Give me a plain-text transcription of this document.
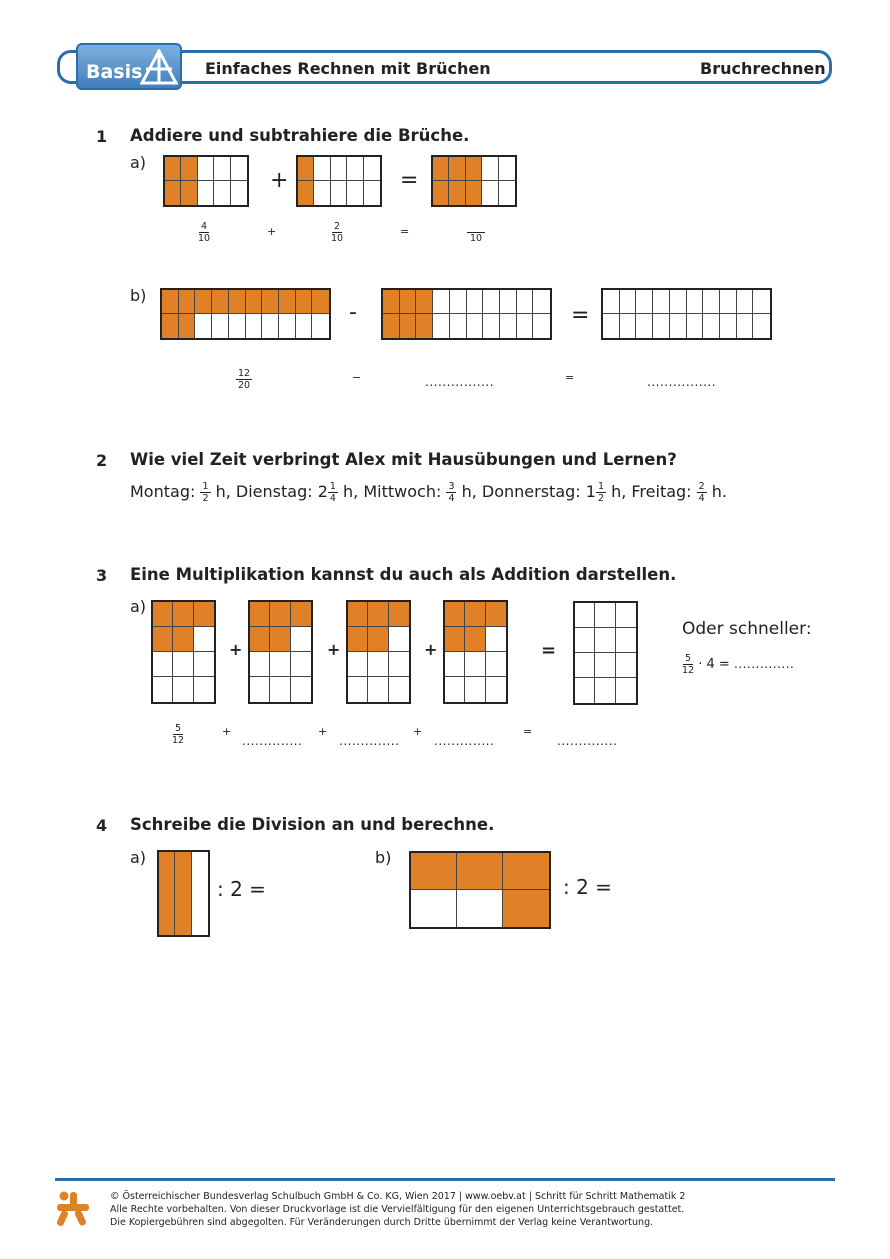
Basis	Einfaches Rechnen mit Brüchen	Bruchrechnen
1 Addiere und subtrahiere die Brüche.
a)
+	=
$\frac{4}{10}$	+	$\frac{2}{10}$	=
10
b)
-	=
$\frac{12}{20}$	−	................	=	................
2 Wie viel Zeit verbringt Alex mit Hausübungen und Lernen?
Montag: $\frac{1}{2} h$, Dienstag: $2 \frac{1}{4} h$, Mittwoch: $\frac{3}{4} h$, Donnerstag: $1 \frac{1}{2} h$, Freitag: $\frac{2}{4} h$.
3 Eine Multiplikation kannst du auch als Addition darstellen.
a)
+	+	+	=
Oder schneller:
$\frac{5}{12} \cdot 4$ = ..............
$\frac{5}{12}$	+
..............
+
..............
+
..............
=
..............
4 Schreibe die Division an und berechne.
a)
: 2 =
b)
: 2 =
© Österreichischer Bundesverlag Schulbuch GmbH & Co. KG, Wien 2017 | www.oebv.at | Schritt für Schritt Mathematik 2
Alle Rechte vorbehalten. Von dieser Druckvorlage ist die Vervielfältigung für den eigenen Unterrichtsgebrauch gestattet.
Die Kopiergebühren sind abgegolten. Für Veränderungen durch Dritte übernimmt der Verlag keine Verantwortung.
